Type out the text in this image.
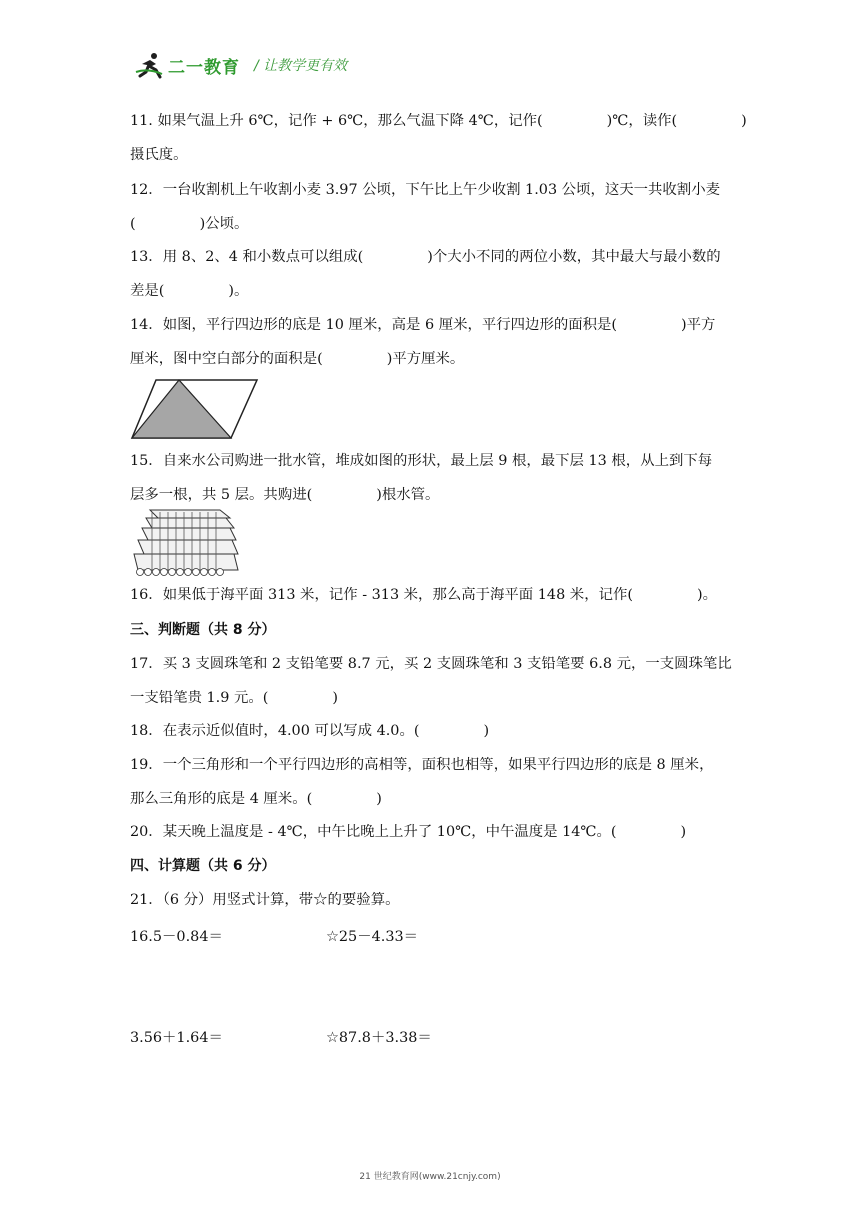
二一教育 / 让教学更有效
11. 如果气温上升 6℃，记作 + 6℃，那么气温下降 4℃，记作(	)℃，读作(	)
摄氏度。
12．一台收割机上午收割小麦 3.97 公顷，下午比上午少收割 1.03 公顷，这天一共收割小麦
(	)公顷。
13．用 8、2、4 和小数点可以组成(	)个大小不同的两位小数，其中最大与最小数的
差是(	)。
14．如图，平行四边形的底是 10 厘米，高是 6 厘米，平行四边形的面积是(	)平方
厘米，图中空白部分的面积是(	)平方厘米。
15．自来水公司购进一批水管，堆成如图的形状，最上层 9 根，最下层 13 根，从上到下每
层多一根，共 5 层。共购进(	)根水管。
16．如果低于海平面 313 米，记作 - 313 米，那么高于海平面 148 米，记作(	)。
三、判断题（共 8 分）
17．买 3 支圆珠笔和 2 支铅笔要 8.7 元，买 2 支圆珠笔和 3 支铅笔要 6.8 元，一支圆珠笔比
一支铅笔贵 1.9 元。(	)
18．在表示近似值时，4.00 可以写成 4.0。(	)
19．一个三角形和一个平行四边形的高相等，面积也相等，如果平行四边形的底是 8 厘米，
那么三角形的底是 4 厘米。(	)
20．某天晚上温度是 - 4℃，中午比晚上上升了 10℃，中午温度是 14℃。(	)
四、计算题（共 6 分）
21．（6 分）用竖式计算，带☆的要验算。
16.5－0.84＝	☆25－4.33＝
3.56＋1.64＝	☆87.8＋3.38＝
21 世纪教育网(www.21cnjy.com)
